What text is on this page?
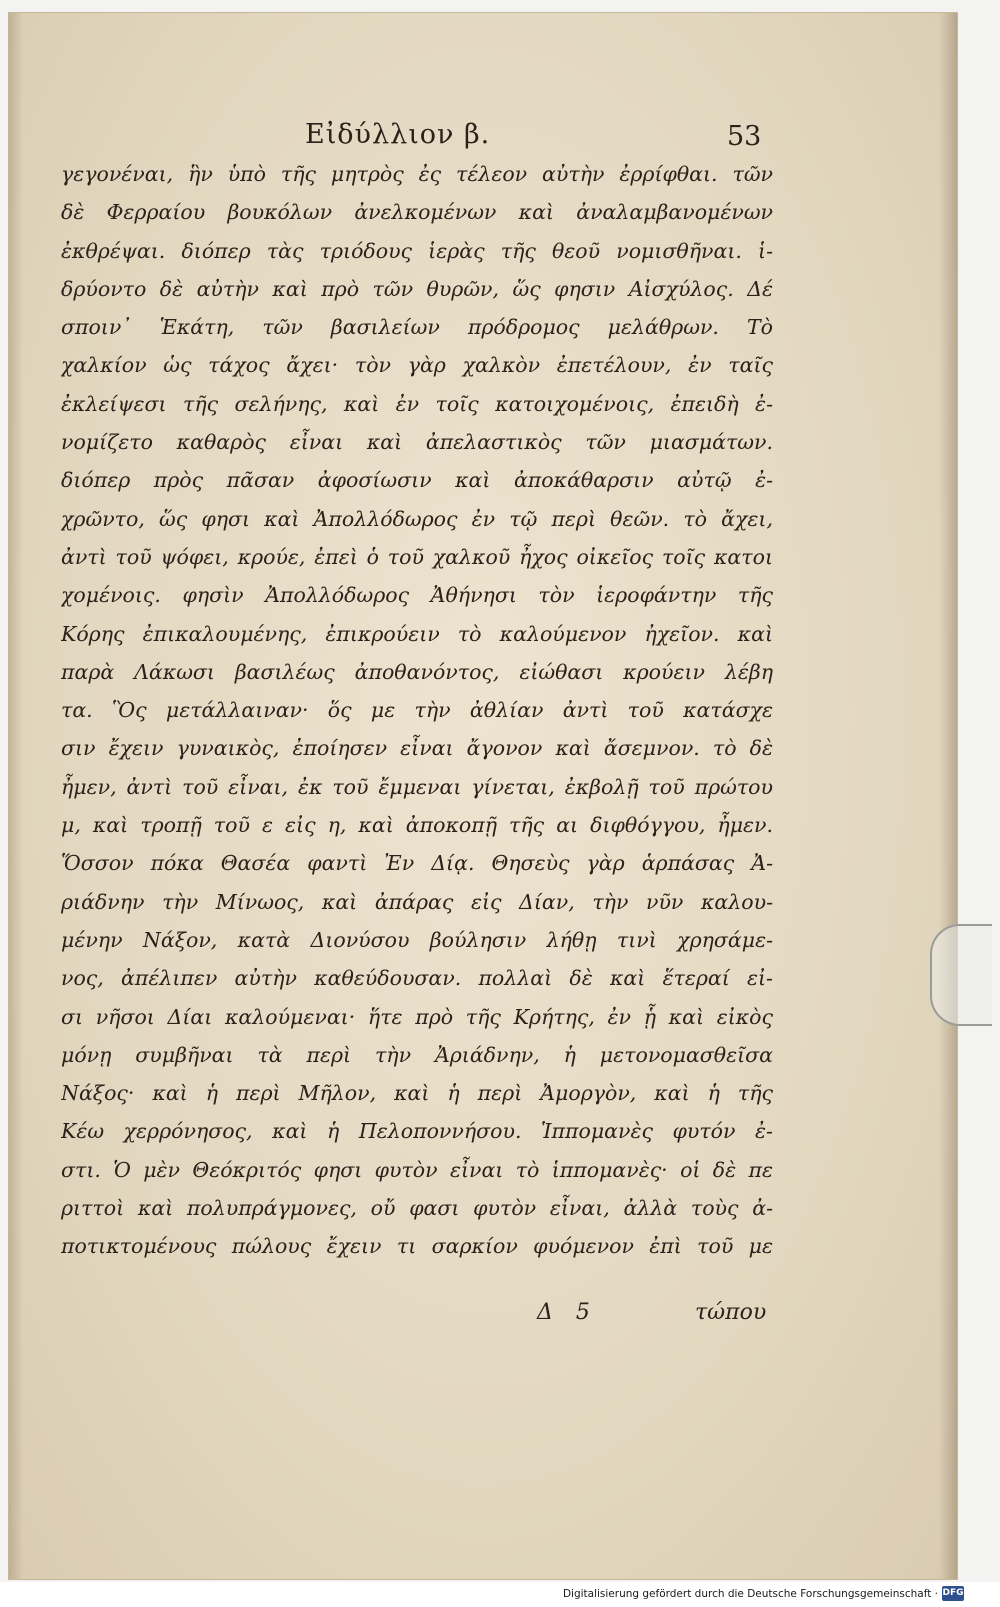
Εἰδύλλιον β.	53
γεγονέναι, ἣν ὑπὸ τῆς μητρὸς ἐς τέλεον αὐτὴν ἐρρίφθαι. τῶν
δὲ Φερραίου βουκόλων ἀνελκομένων καὶ ἀναλαμβανομένων
ἐκθρέψαι. διόπερ τὰς τριόδους ἱερὰς τῆς θεοῦ νομισθῆναι. ἱ-
δρύοντο δὲ αὐτὴν καὶ πρὸ τῶν θυρῶν, ὥς φησιν Αἰσχύλος. Δέ
σποιν᾽ Ἑκάτη, τῶν βασιλείων πρόδρομος μελάθρων. Τὸ
χαλκίον ὡς τάχος ἄχει· τὸν γὰρ χαλκὸν ἐπετέλουν, ἐν ταῖς
ἐκλείψεσι τῆς σελήνης, καὶ ἐν τοῖς κατοιχομένοις, ἐπειδὴ ἐ-
νομίζετο καθαρὸς εἶναι καὶ ἀπελαστικὸς τῶν μιασμάτων.
διόπερ πρὸς πᾶσαν ἀφοσίωσιν καὶ ἀποκάθαρσιν αὐτῷ ἐ-
χρῶντο, ὥς φησι καὶ Ἀπολλόδωρος ἐν τῷ περὶ θεῶν. τὸ ἄχει,
ἀντὶ τοῦ ψόφει, κρούε, ἐπεὶ ὁ τοῦ χαλκοῦ ἦχος οἰκεῖος τοῖς κατοι
χομένοις. φησὶν Ἀπολλόδωρος Ἀθήνησι τὸν ἱεροφάντην τῆς
Κόρης ἐπικαλουμένης, ἐπικρούειν τὸ καλούμενον ἠχεῖον. καὶ
παρὰ Λάκωσι βασιλέως ἀποθανόντος, εἰώθασι κρούειν λέβη
τα. Ὃς μετάλλαιναν· ὅς με τὴν ἀθλίαν ἀντὶ τοῦ κατάσχε
σιν ἔχειν γυναικὸς, ἐποίησεν εἶναι ἄγονον καὶ ἄσεμνον. τὸ δὲ
ἦμεν, ἀντὶ τοῦ εἶναι, ἐκ τοῦ ἔμμεναι γίνεται, ἐκβολῇ τοῦ πρώτου
μ, καὶ τροπῇ τοῦ ε εἰς η, καὶ ἀποκοπῇ τῆς αι διφθόγγου, ἦμεν.
Ὅσσον πόκα Θασέα φαντὶ Ἐν Δίᾳ. Θησεὺς γὰρ ἁρπάσας Ἀ-
ριάδνην τὴν Μίνωος, καὶ ἀπάρας εἰς Δίαν, τὴν νῦν καλου-
μένην Νάξον, κατὰ Διονύσου βούλησιν λήθῃ τινὶ χρησάμε-
νος, ἀπέλιπεν αὐτὴν καθεύδουσαν. πολλαὶ δὲ καὶ ἕτεραί εἰ-
σι νῆσοι Δίαι καλούμεναι· ἥτε πρὸ τῆς Κρήτης, ἐν ᾗ καὶ εἰκὸς
μόνῃ συμβῆναι τὰ περὶ τὴν Ἀριάδνην, ἡ μετονομασθεῖσα
Νάξος· καὶ ἡ περὶ Μῆλον, καὶ ἡ περὶ Ἀμοργὸν, καὶ ἡ τῆς
Κέω χερρόνησος, καὶ ἡ Πελοποννήσου. Ἱππομανὲς φυτόν ἐ-
στι. Ὁ μὲν Θεόκριτός φησι φυτὸν εἶναι τὸ ἱππομανὲς· οἱ δὲ πε
ριττοὶ καὶ πολυπράγμονες, οὔ φασι φυτὸν εἶναι, ἀλλὰ τοὺς ἀ-
ποτικτομένους πώλους ἔχειν τι σαρκίον φυόμενον ἐπὶ τοῦ με
Δ 5	τώπου
Digitalisierung gefördert durch die Deutsche Forschungsgemeinschaft · DFG
